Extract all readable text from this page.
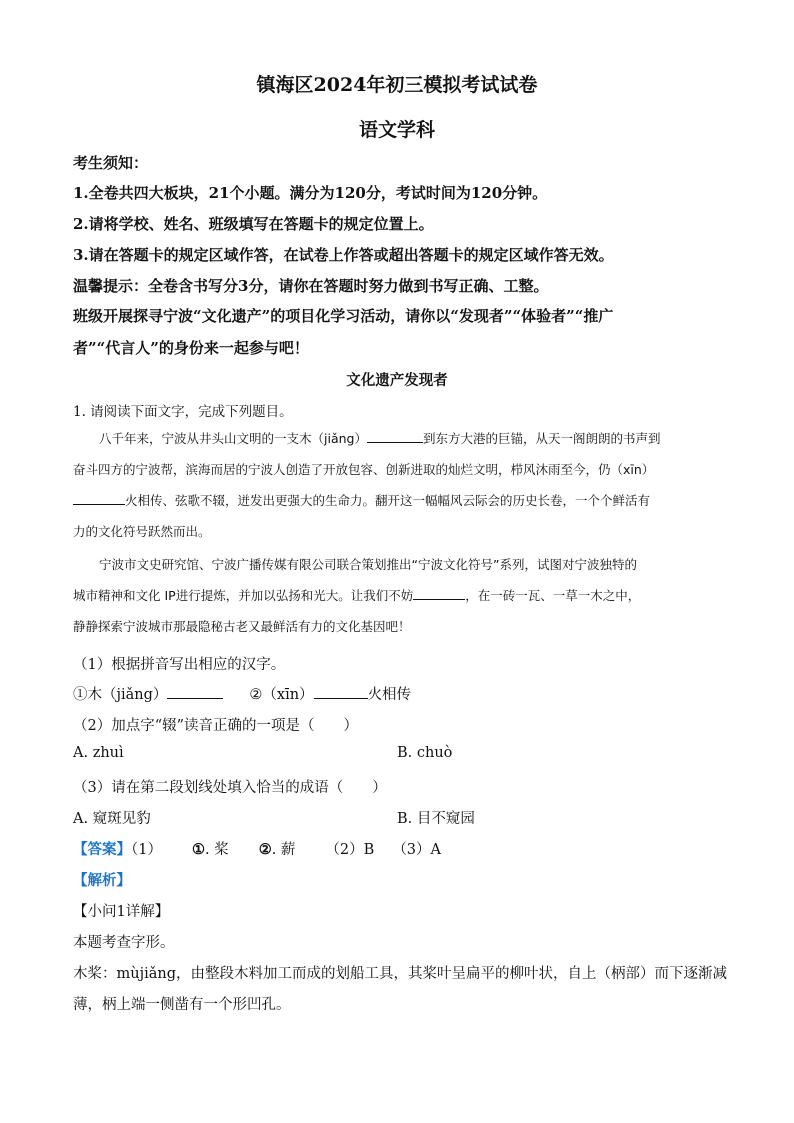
镇海区2024年初三模拟考试试卷
语文学科
考生须知：
1.全卷共四大板块，21个小题。满分为120分，考试时间为120分钟。
2.请将学校、姓名、班级填写在答题卡的规定位置上。
3.请在答题卡的规定区域作答，在试卷上作答或超出答题卡的规定区域作答无效。
温馨提示：全卷含书写分3分，请你在答题时努力做到书写正确、工整。
班级开展探寻宁波“文化遗产”的项目化学习活动，请你以“发现者”“体验者”“推广
者”“代言人”的身份来一起参与吧！
文化遗产发现者
1. 请阅读下面文字，完成下列题目。
八千年来，宁波从井头山文明的一支木（jiǎng）	到东方大港的巨锚，从天一阁朗朗的书声到
奋斗四方的宁波帮，滨海而居的宁波人创造了开放包容、创新进取的灿烂文明，栉风沐雨至今，仍（xīn）
火相传、弦歌不辍，迸发出更强大的生命力。翻开这一幅幅风云际会的历史长卷，一个个鲜活有
力的文化符号跃然而出。
宁波市文史研究馆、宁波广播传媒有限公司联合策划推出“宁波文化符号”系列，试图对宁波独特的
城市精神和文化 IP进行提炼，并加以弘扬和光大。让我们不妨	，在一砖一瓦、一草一木之中，
静静探索宁波城市那最隐秘古老又最鲜活有力的文化基因吧！
（1）根据拼音写出相应的汉字。
①木（jiǎng）	②（xīn）	火相传
（2）加点字“辍”读音正确的一项是（　　）
A. zhuì	B. chuò
（3）请在第二段划线处填入恰当的成语（　　）
A. 窥斑见豹	B. 目不窥园
【答案】（1） ①. 桨 ②. 薪 （2）B （3）A
【解析】
【小问1详解】
本题考查字形。
木桨：mùjiǎng，由整段木料加工而成的划船工具，其桨叶呈扁平的柳叶状，自上（柄部）而下逐渐减
薄，柄上端一侧凿有一个形凹孔。
